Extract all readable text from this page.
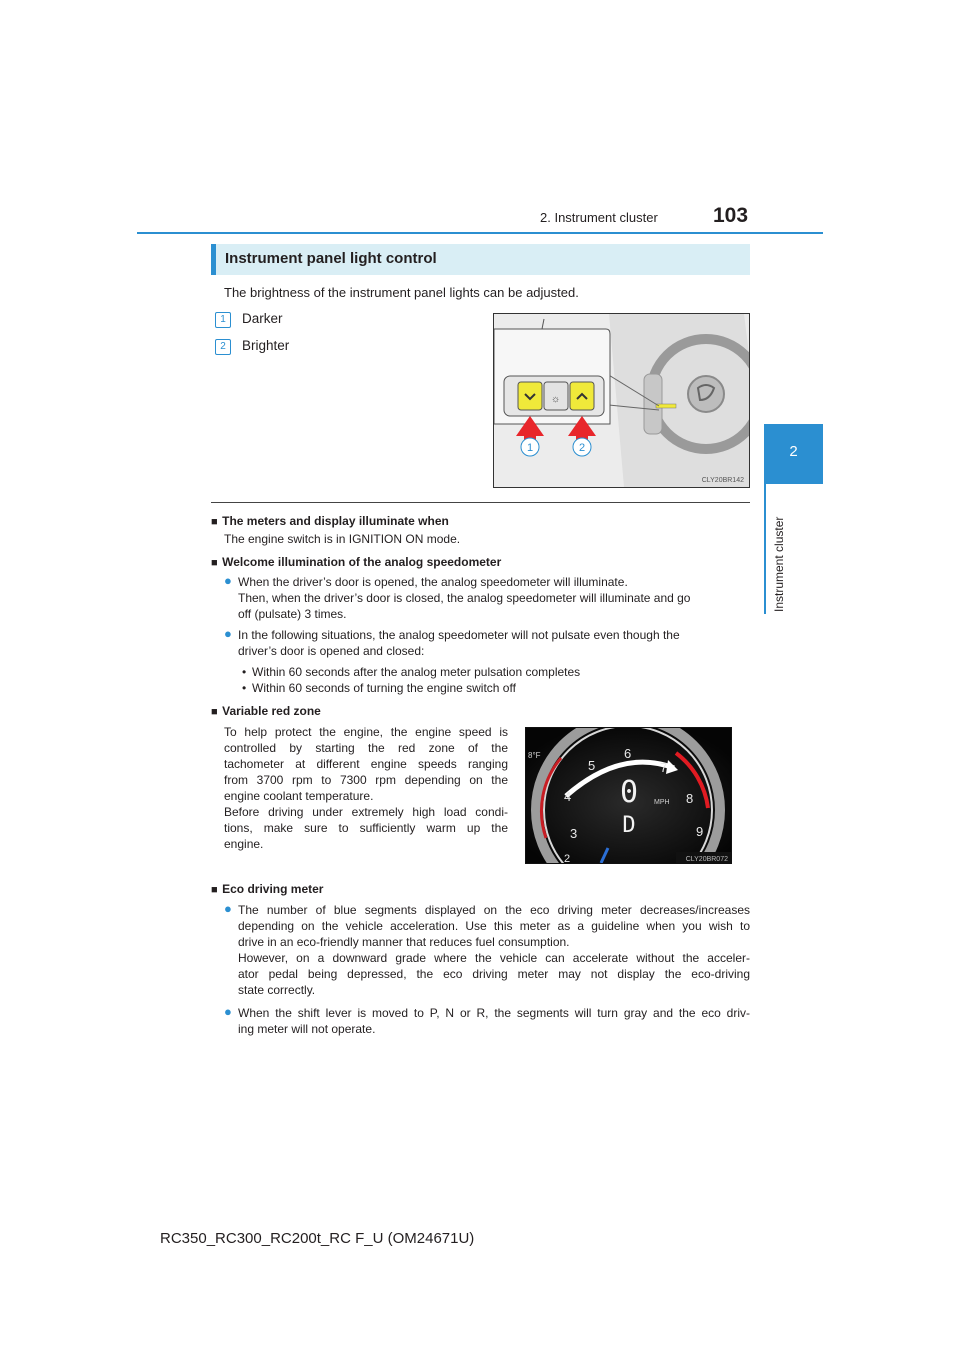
2. Instrument cluster	103
2
Instrument cluster
Instrument panel light control
The brightness of the instrument panel lights can be adjusted.
1	Darker
2	Brighter
☼
1	2
CLY20BR142
■ The meters and display illuminate when
The engine switch is in IGNITION ON mode.
■ Welcome illumination of the analog speedometer
● When the driver’s door is opened, the analog speedometer will illuminate.
Then, when the driver’s door is closed, the analog speedometer will illuminate and go
off (pulsate) 3 times.
● In the following situations, the analog speedometer will not pulsate even though the
driver’s door is opened and closed:
• Within 60 seconds after the analog meter pulsation completes
• Within 60 seconds of turning the engine switch off
■ Variable red zone
To help protect the engine, the engine speed is
controlled by starting the red zone of the
tachometer at different engine speeds ranging
from 3700 rpm to 7300 rpm depending on the
engine coolant temperature.
Before driving under extremely high load condi-
tions, make sure to sufficiently warm up the
engine.
3
4
5
6
7
8
9
2
8°F
0 MPH
D
CLY20BR072
■ Eco driving meter
● The number of blue segments displayed on the eco driving meter decreases/increases
depending on the vehicle acceleration. Use this meter as a guideline when you wish to
drive in an eco-friendly manner that reduces fuel consumption.
However, on a downward grade where the vehicle can accelerate without the acceler-
ator pedal being depressed, the eco driving meter may not display the eco-driving
state correctly.
● When the shift lever is moved to P, N or R, the segments will turn gray and the eco driv-
ing meter will not operate.
RC350_RC300_RC200t_RC F_U (OM24671U)
